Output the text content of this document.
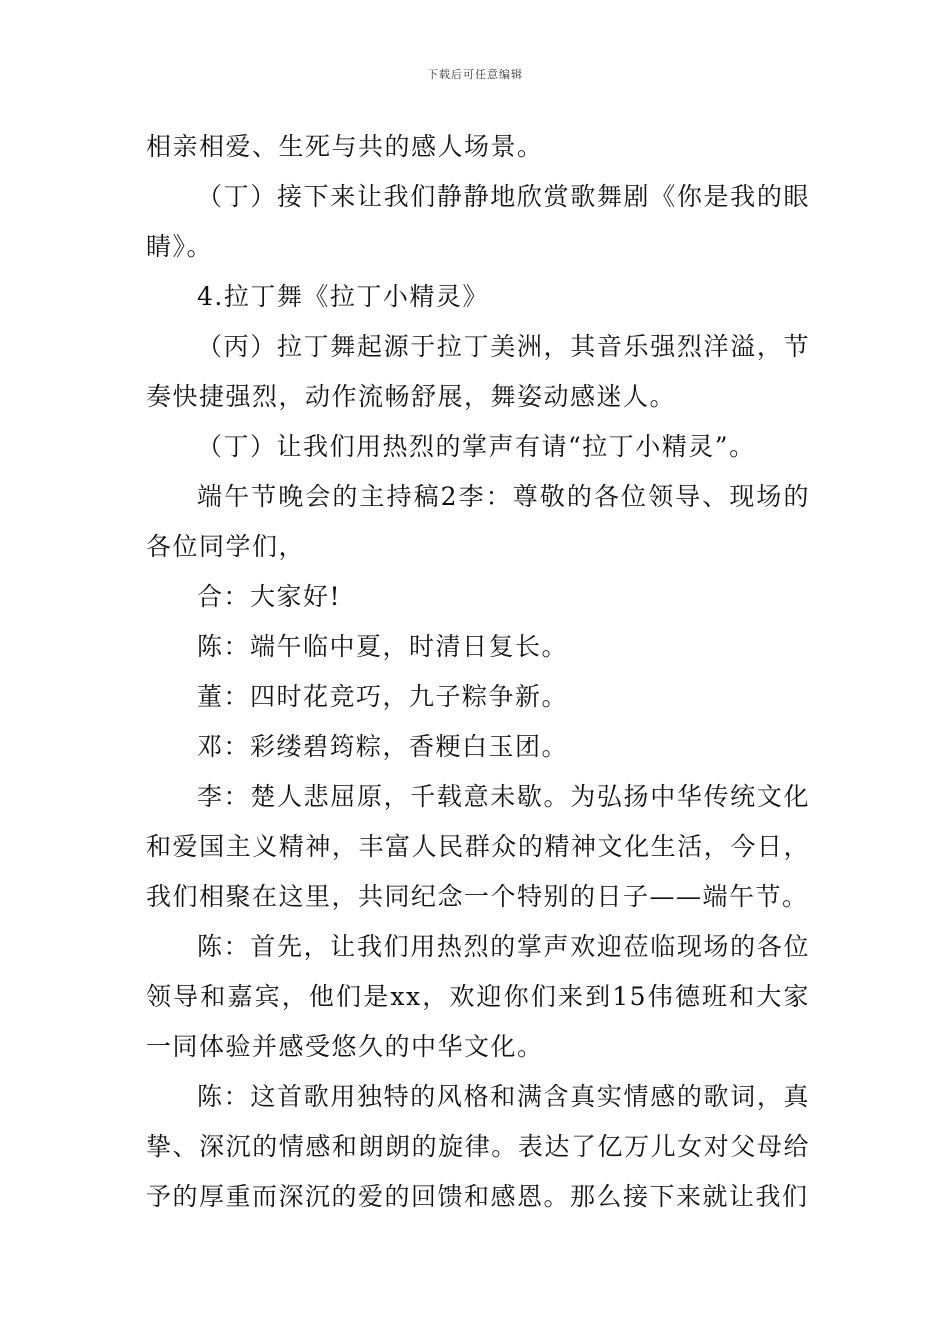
下载后可任意编辑

相亲相爱、生死与共的感人场景。

（丁）接下来让我们静静地欣赏歌舞剧《你是我的眼睛》。

4.拉丁舞《拉丁小精灵》

（丙）拉丁舞起源于拉丁美洲，其音乐强烈洋溢，节奏快捷强烈，动作流畅舒展，舞姿动感迷人。

（丁）让我们用热烈的掌声有请“拉丁小精灵”。

端午节晚会的主持稿2李：尊敬的各位领导、现场的各位同学们，

合：大家好!

陈：端午临中夏，时清日复长。

董：四时花竞巧，九子粽争新。

邓：彩缕碧筠粽，香粳白玉团。

李：楚人悲屈原，千载意未歇。为弘扬中华传统文化和爱国主义精神，丰富人民群众的精神文化生活，今日，我们相聚在这里，共同纪念一个特别的日子——端午节。

陈：首先，让我们用热烈的掌声欢迎莅临现场的各位领导和嘉宾，他们是xx，欢迎你们来到15伟德班和大家一同体验并感受悠久的中华文化。

陈：这首歌用独特的风格和满含真实情感的歌词，真挚、深沉的情感和朗朗的旋律。表达了亿万儿女对父母给予的厚重而深沉的爱的回馈和感恩。那么接下来就让我们
